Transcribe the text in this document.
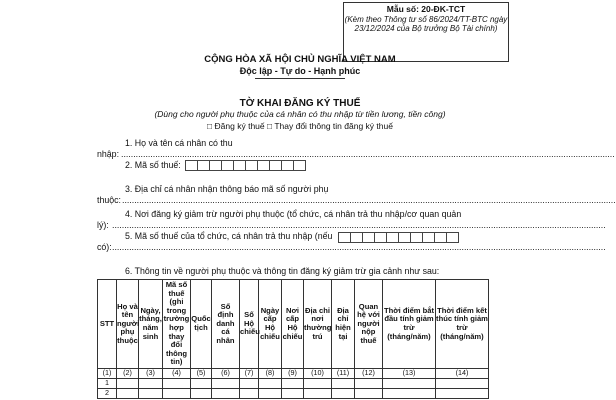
Mẫu số: 20-ĐK-TCT
(Kèm theo Thông tư số 86/2024/TT-BTC ngày 23/12/2024 của Bộ trưởng Bộ Tài chính)
CỘNG HÒA XÃ HỘI CHỦ NGHĨA VIỆT NAM
Độc lập - Tự do - Hạnh phúc
TỜ KHAI ĐĂNG KÝ THUẾ
(Dùng cho người phụ thuộc của cá nhân có thu nhập từ tiền lương, tiền công)
□ Đăng ký thuế □ Thay đổi thông tin đăng ký thuế
1. Họ và tên cá nhân có thu
nhập: ..........................................................................................................................................................................................................
2. Mã số thuế:
3. Địa chỉ cá nhân nhận thông báo mã số người phụ
thuộc: ..........................................................................................................................................................................................................
4. Nơi đăng ký giảm trừ người phụ thuộc (tổ chức, cá nhân trả thu nhập/cơ quan quản
lý): ..........................................................................................................................................................................................................
5. Mã số thuế của tổ chức, cá nhân trả thu nhập (nếu
có): ..........................................................................................................................................................................................................
6. Thông tin về người phụ thuộc và thông tin đăng ký giảm trừ gia cảnh như sau:
STT	Họ và tên người phụ thuộc	Ngày, tháng, năm sinh	Mã số thuế (ghi trong trường hợp thay đổi thông tin)	Quốc tịch	Số định danh cá nhân	Số Hộ chiếu	Ngày cấp Hộ chiếu	Nơi cấp Hộ chiếu	Địa chỉ nơi thường trú	Địa chỉ hiện tại	Quan hệ với người nộp thuế	Thời điểm bắt đầu tính giảm trừ (tháng/năm)	Thời điểm kết thúc tính giảm trừ (tháng/năm)
(1)	(2)	(3)	(4)	(5)	(6)	(7)	(8)	(9)	(10)	(11)	(12)	(13)	(14)
1													
2													
